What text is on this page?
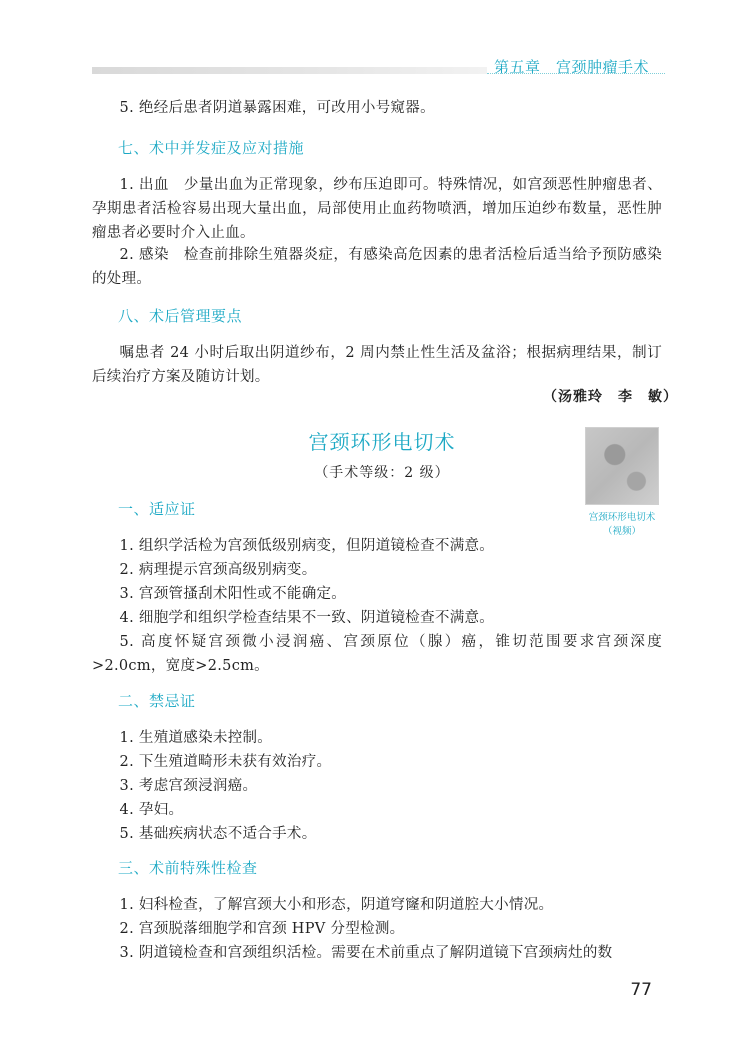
第五章　宫颈肿瘤手术
5. 绝经后患者阴道暴露困难，可改用小号窥器。
七、术中并发症及应对措施
1. 出血　少量出血为正常现象，纱布压迫即可。特殊情况，如宫颈恶性肿瘤患者、孕期患者活检容易出现大量出血，局部使用止血药物喷洒，增加压迫纱布数量，恶性肿瘤患者必要时介入止血。
2. 感染　检查前排除生殖器炎症，有感染高危因素的患者活检后适当给予预防感染的处理。
八、术后管理要点
嘱患者 24 小时后取出阴道纱布，2 周内禁止性生活及盆浴；根据病理结果，制订后续治疗方案及随访计划。
（汤雅玲　李　敏）
宫颈环形电切术
（手术等级：2 级）
一、适应证
1. 组织学活检为宫颈低级别病变，但阴道镜检查不满意。
2. 病理提示宫颈高级别病变。
3. 宫颈管搔刮术阳性或不能确定。
4. 细胞学和组织学检查结果不一致、阴道镜检查不满意。
5. 高度怀疑宫颈微小浸润癌、宫颈原位（腺）癌，锥切范围要求宫颈深度>2.0cm，宽度>2.5cm。
二、禁忌证
1. 生殖道感染未控制。
2. 下生殖道畸形未获有效治疗。
3. 考虑宫颈浸润癌。
4. 孕妇。
5. 基础疾病状态不适合手术。
三、术前特殊性检查
1. 妇科检查，了解宫颈大小和形态，阴道穹窿和阴道腔大小情况。
2. 宫颈脱落细胞学和宫颈 HPV 分型检测。
3. 阴道镜检查和宫颈组织活检。需要在术前重点了解阴道镜下宫颈病灶的数
宫颈环形电切术
（视频）
77
